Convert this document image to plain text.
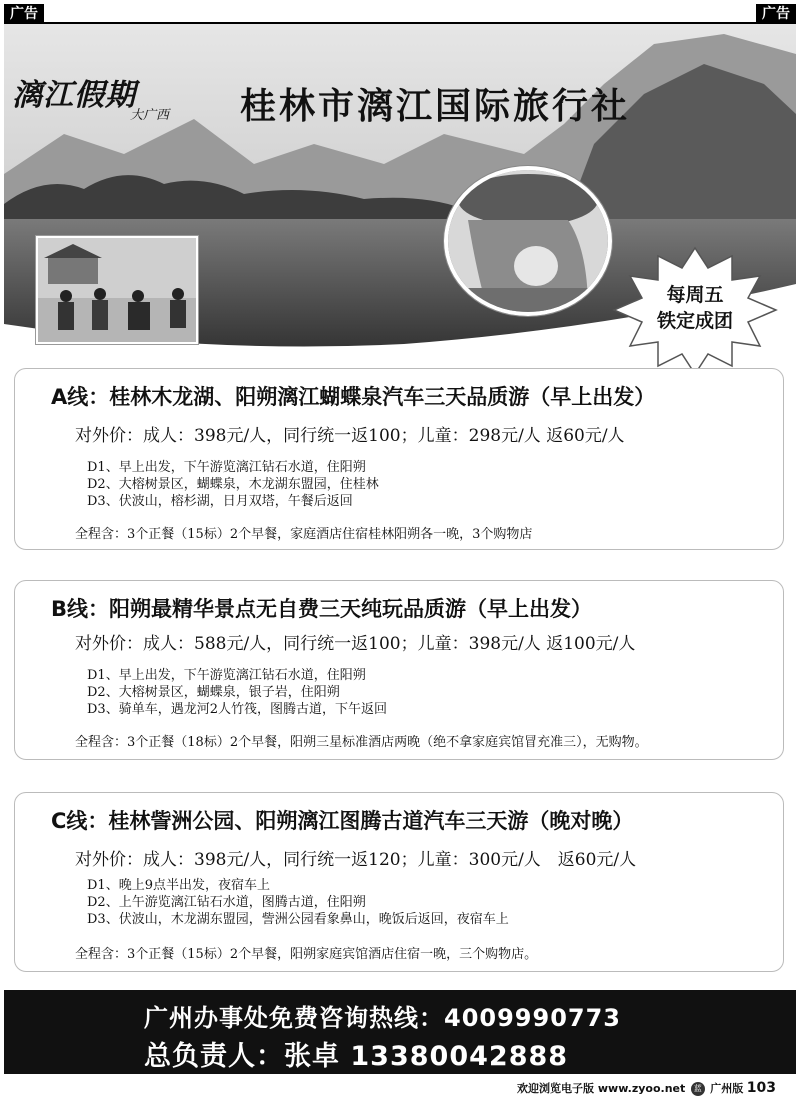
广告	广告
漓江假期
大广西 桂林市漓江国际旅行社
每周五
铁定成团
A线：桂林木龙湖、阳朔漓江蝴蝶泉汽车三天品质游（早上出发）
对外价：成人：398元/人，同行统一返100；儿童：298元/人 返60元/人
D1、早上出发，下午游览漓江钻石水道，住阳朔
D2、大榕树景区，蝴蝶泉，木龙湖东盟园，住桂林
D3、伏波山，榕杉湖，日月双塔，午餐后返回
全程含：3个正餐（15标）2个早餐，家庭酒店住宿桂林阳朔各一晚，3个购物店
B线：阳朔最精华景点无自费三天纯玩品质游（早上出发）
对外价：成人：588元/人，同行统一返100；儿童：398元/人 返100元/人
D1、早上出发，下午游览漓江钻石水道，住阳朔
D2、大榕树景区，蝴蝶泉，银子岩，住阳朔
D3、骑单车，遇龙河2人竹筏，图腾古道，下午返回
全程含：3个正餐（18标）2个早餐，阳朔三星标准酒店两晚（绝不拿家庭宾馆冒充准三），无购物。
C线：桂林訾洲公园、阳朔漓江图腾古道汽车三天游（晚对晚）
对外价：成人：398元/人，同行统一返120；儿童：300元/人　返60元/人
D1、晚上9点半出发，夜宿车上
D2、上午游览漓江钻石水道，图腾古道，住阳朔
D3、伏波山，木龙湖东盟园，訾洲公园看象鼻山，晚饭后返回，夜宿车上
全程含：3个正餐（15标）2个早餐，阳朔家庭宾馆酒店住宿一晚，三个购物店。
广州办事处免费咨询热线：4009990773
总负责人：张卓 13380042888
欢迎浏览电子版 www.zyoo.net 蓝 广州版 103
